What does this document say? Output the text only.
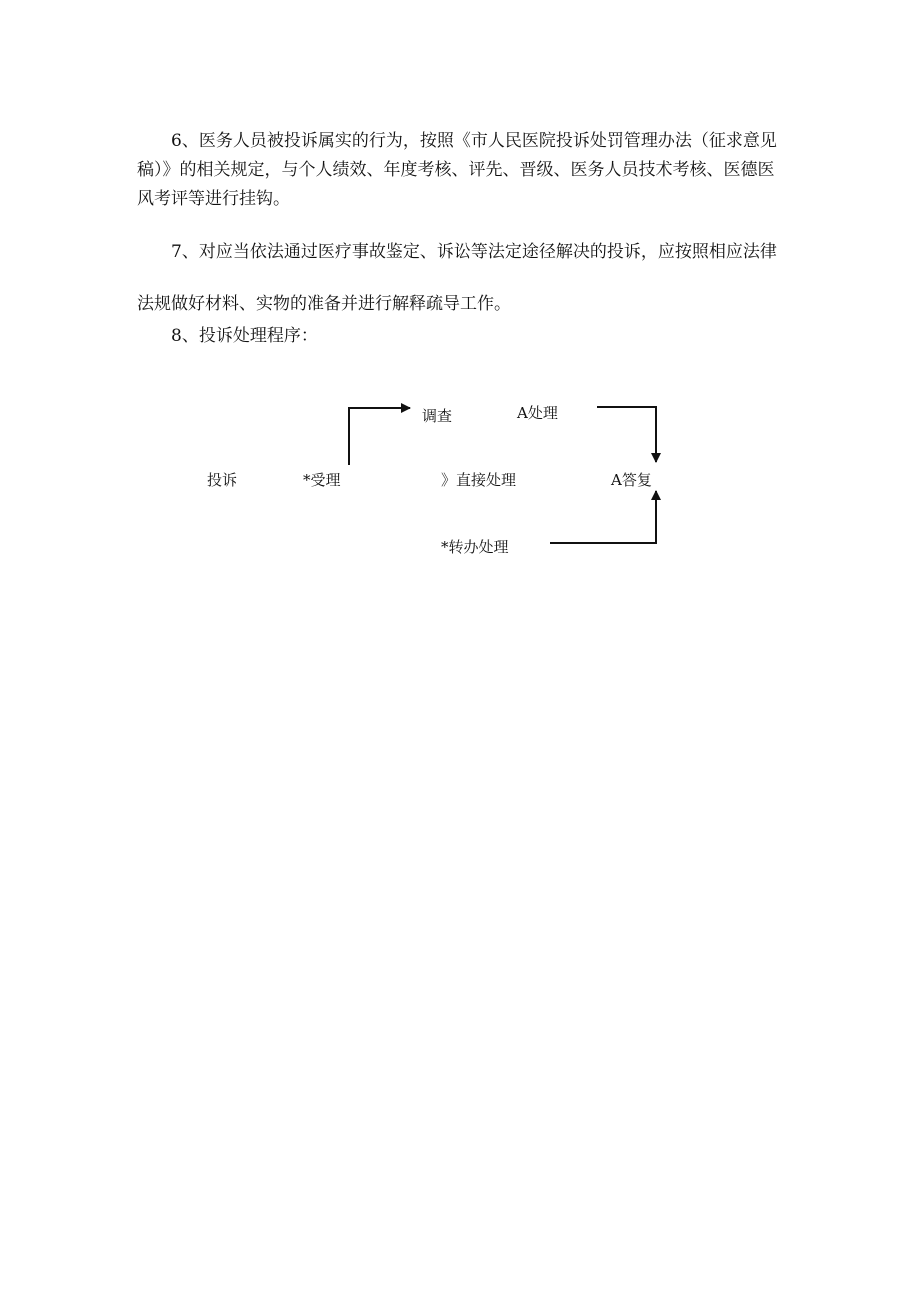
6、医务人员被投诉属实的行为，按照《市人民医院投诉处罚管理办法（征求意见稿）》的相关规定，与个人绩效、年度考核、评先、晋级、医务人员技术考核、医德医风考评等进行挂钩。

7、对应当依法通过医疗事故鉴定、诉讼等法定途径解决的投诉，应按照相应法律法规做好材料、实物的准备并进行解释疏导工作。

8、投诉处理程序：

投诉	*受理
调查	A处理
》直接处理	A答复
*转办处理
